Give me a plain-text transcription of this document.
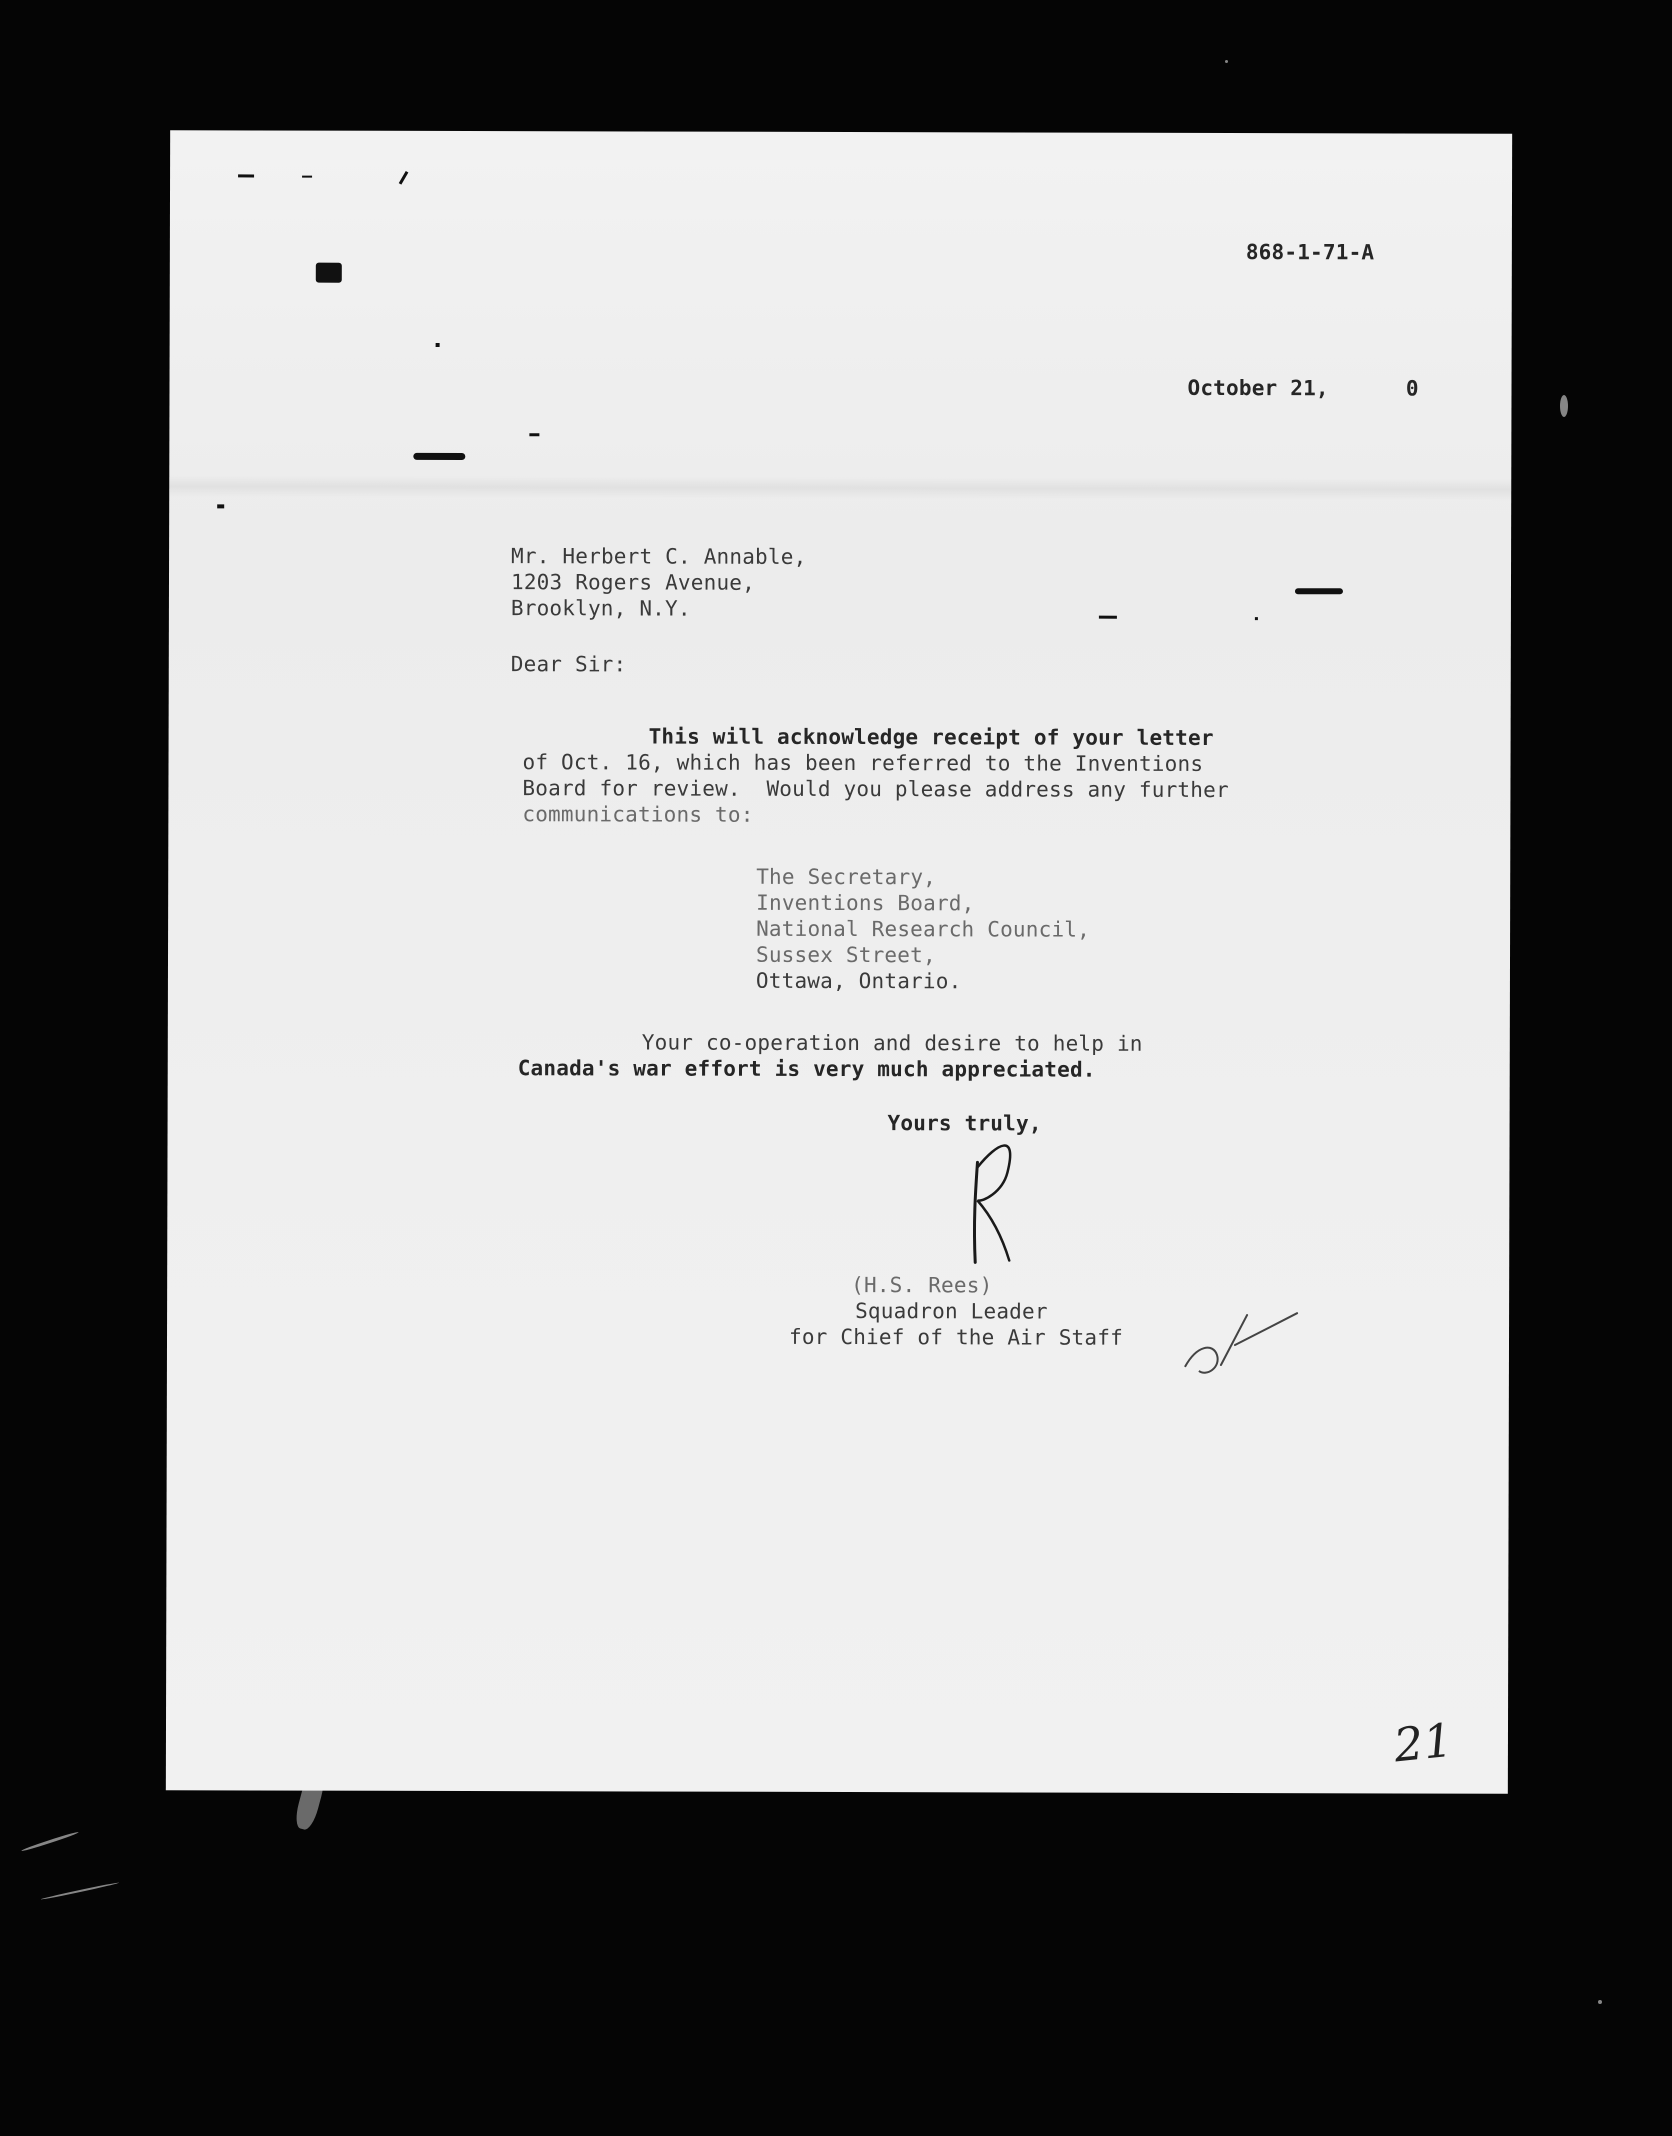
868-1-71-A
October 21,      0
Mr. Herbert C. Annable,
1203 Rogers Avenue,
Brooklyn, N.Y.
Dear Sir:
This will acknowledge receipt of your letter
of Oct. 16, which has been referred to the Inventions
Board for review.  Would you please address any further
communications to:
The Secretary,
Inventions Board,
National Research Council,
Sussex Street,
Ottawa, Ontario.
Your co-operation and desire to help in
Canada's war effort is very much appreciated.
Yours truly,
(H.S. Rees)
Squadron Leader
for Chief of the Air Staff
21
